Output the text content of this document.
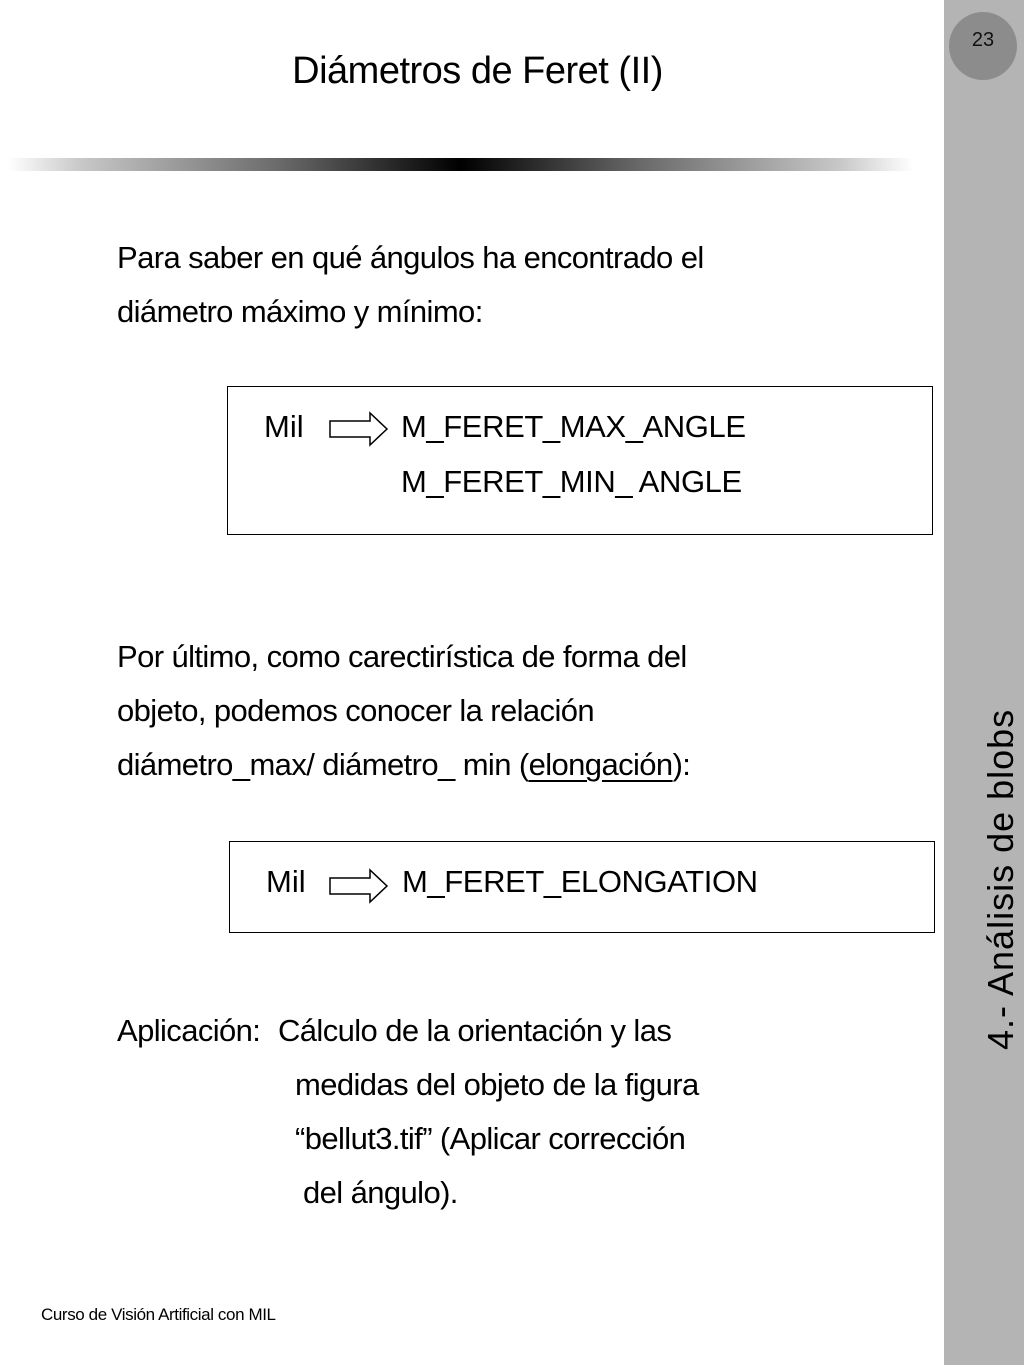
23
4.- Análisis de blobs
Diámetros de Feret (II)
Para saber en qué ángulos ha encontrado el
diámetro máximo y mínimo:
Mil	M_FERET_MAX_ANGLE
M_FERET_MIN_ ANGLE
Por último, como carectirística de forma del
objeto, podemos conocer la relación
diámetro_max/ diámetro_ min (elongación):
Mil	M_FERET_ELONGATION
Aplicación: Cálculo de la orientación y las
medidas del objeto de la figura
“bellut3.tif” (Aplicar corrección
del ángulo).
Curso de Visión Artificial con MIL
